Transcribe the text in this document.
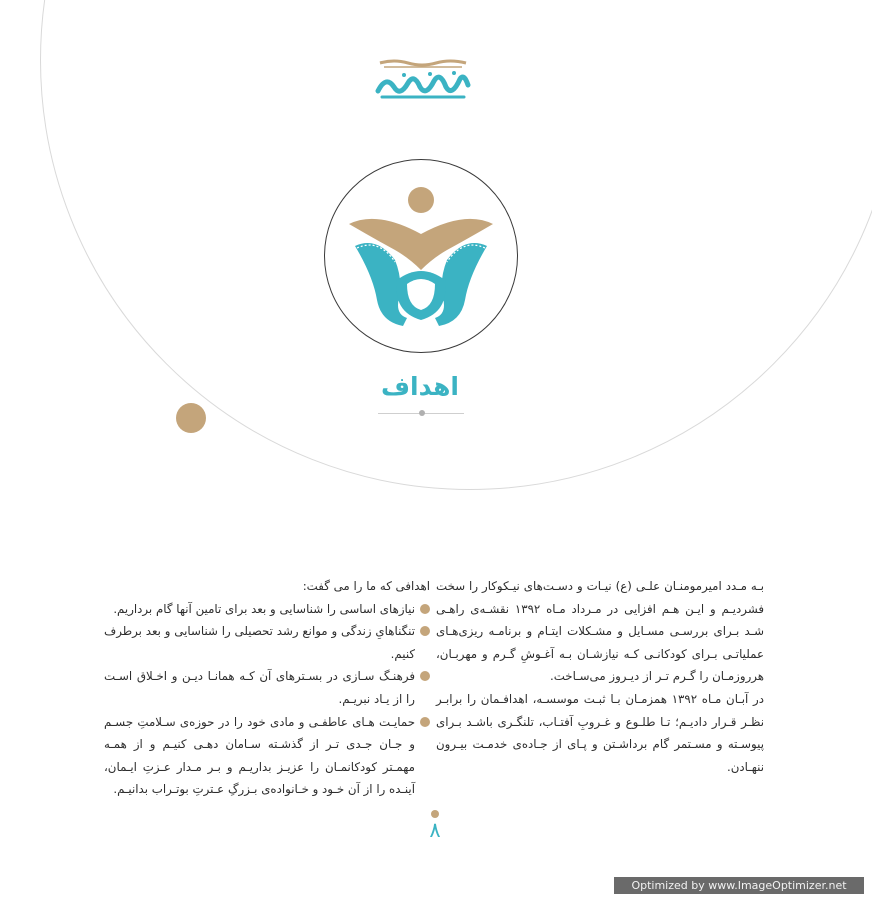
اهداف

بـه مـدد امیرمومنـان علـی (ع) نیـات و دسـت‌های نیـکوکار را سخت فشردیـم و ایـن هـم افزایی در مـرداد مـاه ۱۳۹۲ نقشـه‌ی راهـی شـد بـرای بررسـی مسـایل و مشـکلات ایتـام و برنامـه ریزی‌هـای عملیاتـی بـرای کودکانـی کـه نیازشـان بـه آغـوشِ گـرم و مهربـان، هرروزمـان را گـرم تـر از دیـروز می‌سـاخت.

در آبـان مـاه ۱۳۹۲ همزمـان بـا ثبـت موسسـه، اهدافـمان را برابـر نظـر قـرار دادیـم؛ تـا طلـوع و غـروبِ آفتـاب، تلنگـری باشـد بـرای پیوسـته و مسـتمر گام برداشـتن و پـای از جـاده‌ی خدمـت بیـرون ننهـادن.

اهدافی که ما را می گفت:

نیازهای اساسی را شناسایی و بعد برای تامین آنها گام برداریم.
تنگناهایِ زندگی و موانع رشد تحصیلی را شناسایی و بعد برطرف کنیم.
فرهنـگ سـازی در بسـترهای آن کـه همانـا دیـن و اخـلاق اسـت را از یـاد نبریـم.
حمایـت هـای عاطفـی و مادی خود را در حوزه‌ی سـلامتِ جسـم و جـان جـدی تـر از گذشـته سـامان دهـی کنیـم و از همـه مهمـتر کودکانمـان را عزیـز بداریـم و بـر مـدار عـزتِ ایـمان، آینـده را از آن خـود و خـانواده‌ی بـزرگِ عـترتِ بوتـراب بدانیـم.
۸
Optimized by www.ImageOptimizer.net
